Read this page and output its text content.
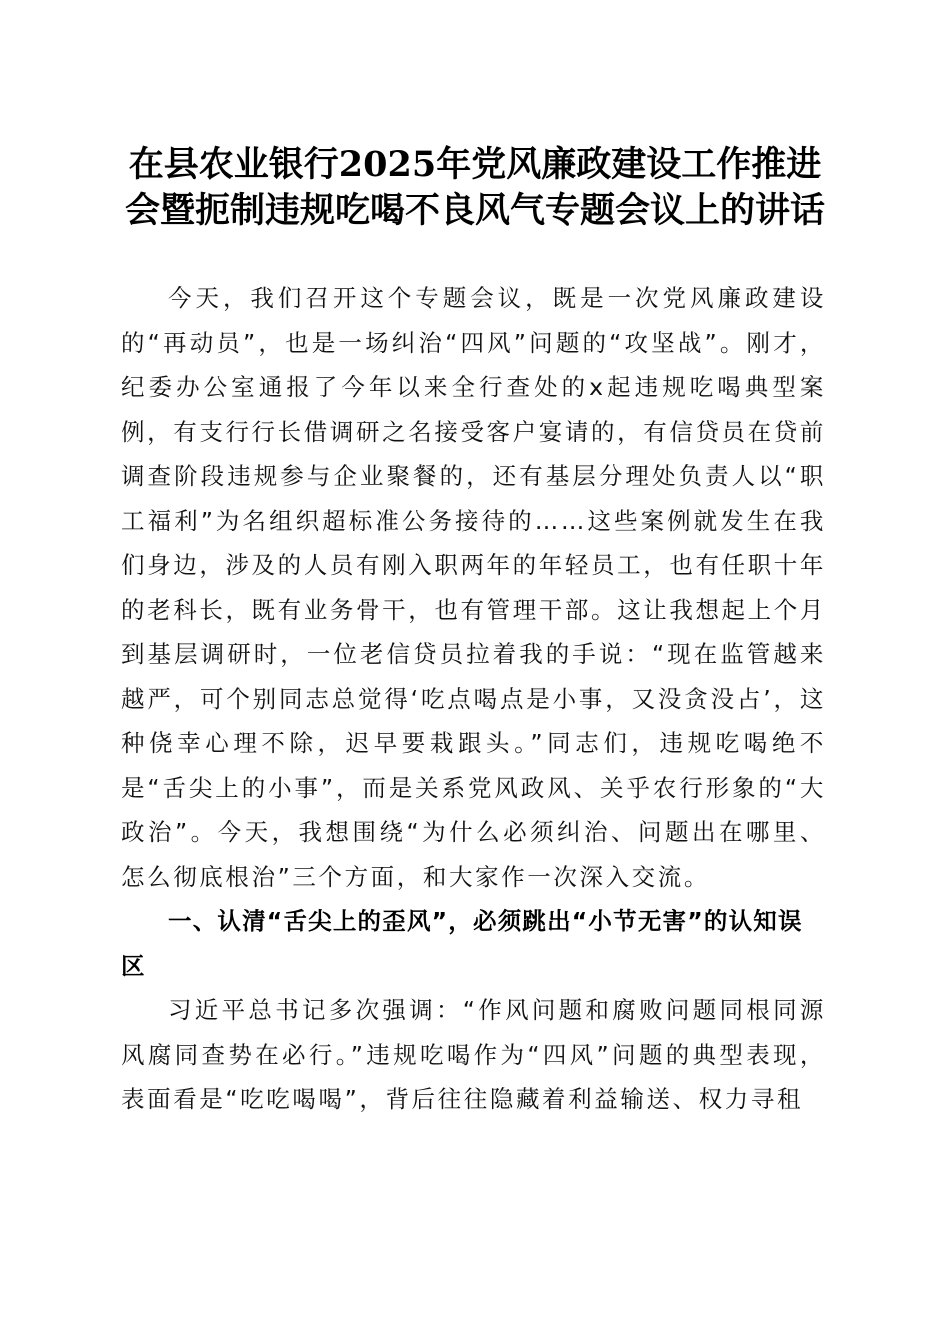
在县农业银行2025年党风廉政建设工作推进
会暨扼制违规吃喝不良风气专题会议上的讲话

今天，我们召开这个专题会议，既是一次党风廉政建设的“再动员”，也是一场纠治“四风”问题的“攻坚战”。刚才，纪委办公室通报了今年以来全行查处的x起违规吃喝典型案例，有支行行长借调研之名接受客户宴请的，有信贷员在贷前调查阶段违规参与企业聚餐的，还有基层分理处负责人以“职工福利”为名组织超标准公务接待的……这些案例就发生在我们身边，涉及的人员有刚入职两年的年轻员工，也有任职十年的老科长，既有业务骨干，也有管理干部。这让我想起上个月到基层调研时，一位老信贷员拉着我的手说：“现在监管越来越严，可个别同志总觉得‘吃点喝点是小事，又没贪没占’，这种侥幸心理不除，迟早要栽跟头。”同志们，违规吃喝绝不是“舌尖上的小事”，而是关系党风政风、关乎农行形象的“大政治”。今天，我想围绕“为什么必须纠治、问题出在哪里、怎么彻底根治”三个方面，和大家作一次深入交流。

一、认清“舌尖上的歪风”，必须跳出“小节无害”的认知误区

习近平总书记多次强调：“作风问题和腐败问题同根同源风腐同查势在必行。”违规吃喝作为“四风”问题的典型表现，表面看是“吃吃喝喝”，背后往往隐藏着利益输送、权力寻租
